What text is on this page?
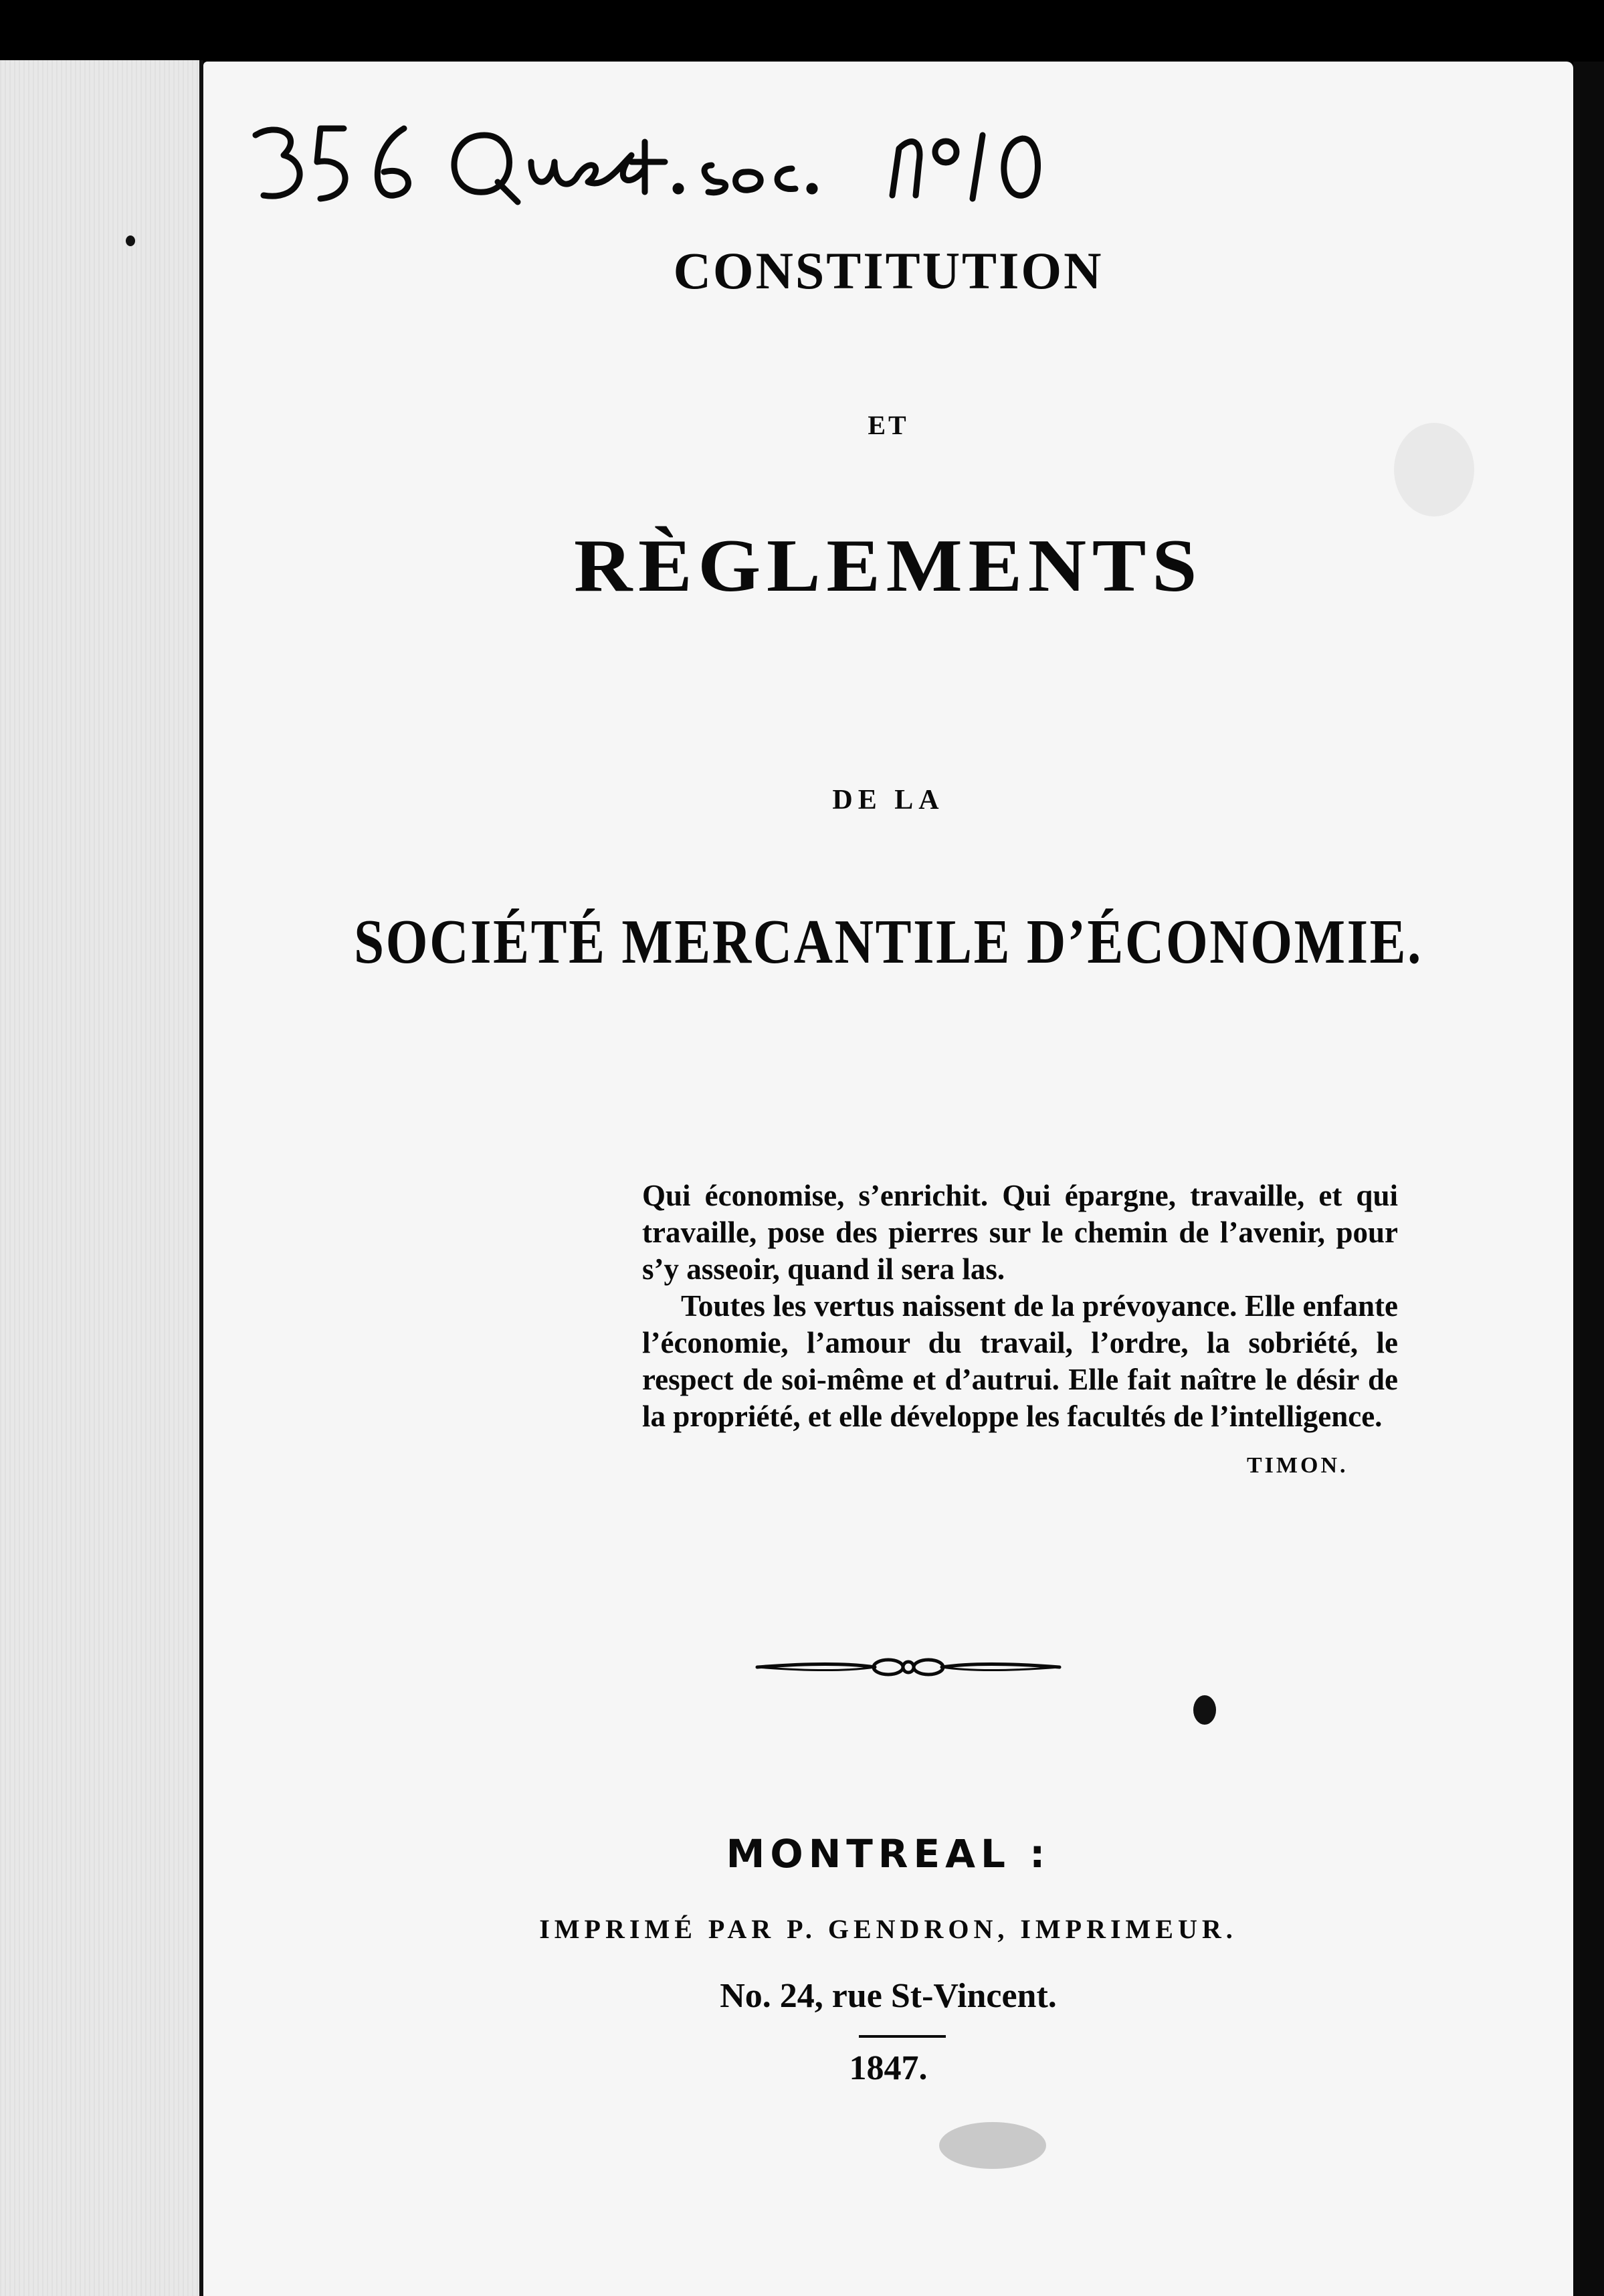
CONSTITUTION
ET
RÈGLEMENTS
DE LA
SOCIÉTÉ MERCANTILE D’ÉCONOMIE.

Qui économise, s’enrichit. Qui épargne, travaille, et qui travaille, pose des pierres sur le chemin de l’avenir, pour s’y asseoir, quand il sera las.

Toutes les vertus naissent de la prévoyance. Elle enfante l’économie, l’amour du travail, l’ordre, la sobriété, le respect de soi-même et d’autrui. Elle fait naître le désir de la propriété, et elle développe les facultés de l’intelligence.

TIMON.
MONTREAL :
IMPRIMÉ PAR P. GENDRON, IMPRIMEUR.
No. 24, rue St-Vincent.
1847.
